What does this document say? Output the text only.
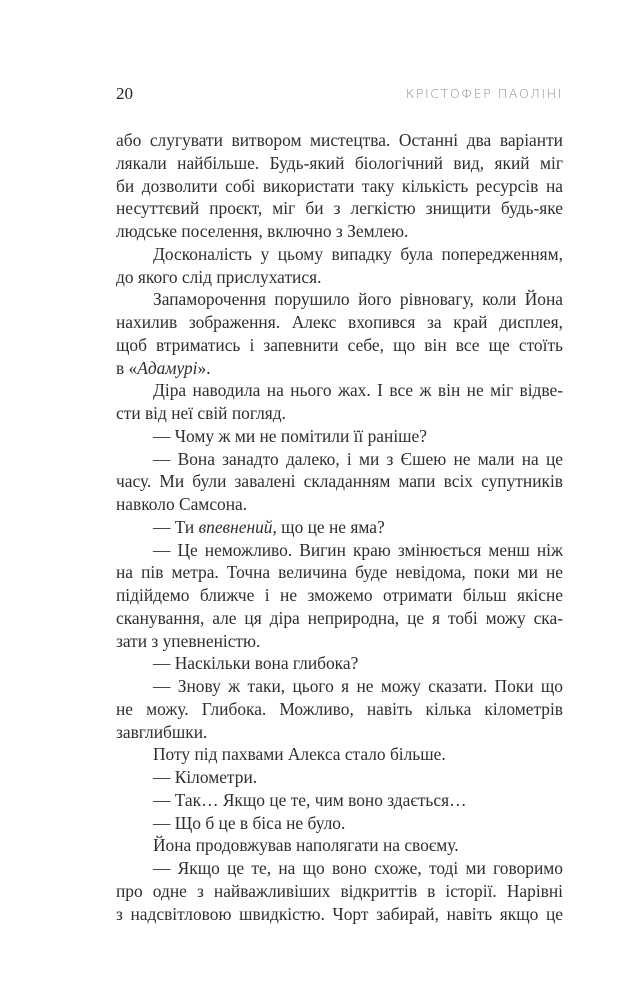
20	КРІСТОФЕР ПАОЛІНІ
або слугувати витвором мистецтва. Останні два варіанти
лякали найбільше. Будь-який біологічний вид, який міг
би дозволити собі використати таку кількість ресурсів на
несуттєвий проєкт, міг би з легкістю знищити будь-яке
людське поселення, включно з Землею.
Досконалість у цьому випадку була попередженням,
до якого слід прислухатися.
Запаморочення порушило його рівновагу, коли Йона
нахилив зображення. Алекс вхопився за край дисплея,
щоб втриматись і запевнити себе, що він все ще стоїть
в «Адамурі».
Діра наводила на нього жах. І все ж він не міг відве-
сти від неї свій погляд.
— Чому ж ми не помітили її раніше?
— Вона занадто далеко, і ми з Єшею не мали на це
часу. Ми були завалені складанням мапи всіх супутників
навколо Самсона.
— Ти впевнений, що це не яма?
— Це неможливо. Вигин краю змінюється менш ніж
на пів метра. Точна величина буде невідома, поки ми не
підійдемо ближче і не зможемо отримати більш якісне
сканування, але ця діра неприродна, це я тобі можу ска-
зати з упевненістю.
— Наскільки вона глибока?
— Знову ж таки, цього я не можу сказати. Поки що
не можу. Глибока. Можливо, навіть кілька кілометрів
завглибшки.
Поту під пахвами Алекса стало більше.
— Кілометри.
— Так… Якщо це те, чим воно здається…
— Що б це в біса не було.
Йона продовжував наполягати на своєму.
— Якщо це те, на що воно схоже, тоді ми говоримо
про одне з найважливіших відкриттів в історії. Нарівні
з надсвітловою швидкістю. Чорт забирай, навіть якщо це
